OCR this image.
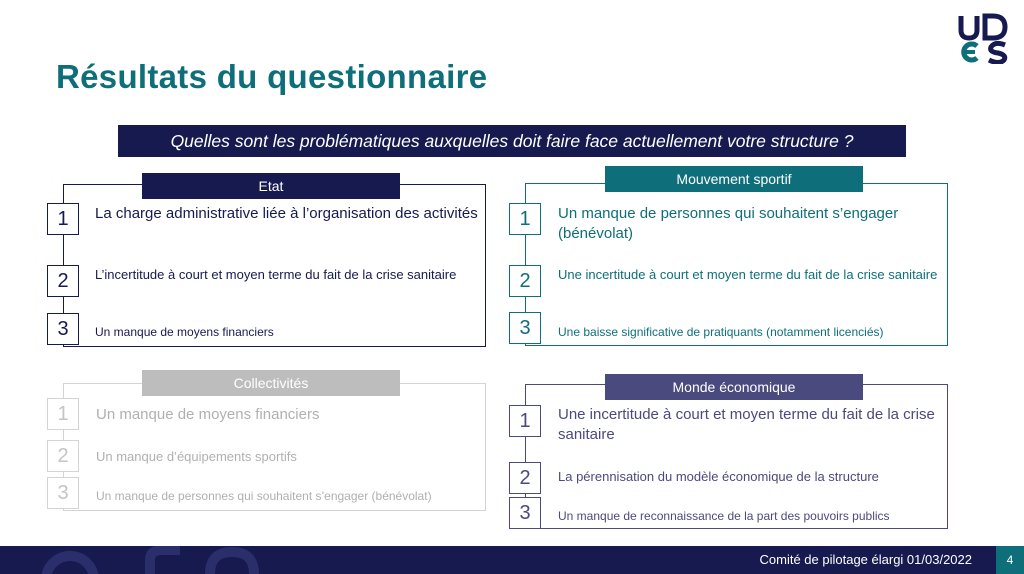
Résultats du questionnaire
Quelles sont les problématiques auxquelles doit faire face actuellement votre structure ?
Etat
1	La charge administrative liée à l’organisation des activités
2	L’incertitude à court et moyen terme du fait de la crise sanitaire
3	Un manque de moyens financiers
Mouvement sportif
1	Un manque de personnes qui souhaitent s’engager (bénévolat)
2	Une incertitude à court et moyen terme du fait de la crise sanitaire
3	Une baisse significative de pratiquants (notamment licenciés)
Collectivités
1	Un manque de moyens financiers
2	Un manque d’équipements sportifs
3	Un manque de personnes qui souhaitent s’engager (bénévolat)
Monde économique
1	Une incertitude à court et moyen terme du fait de la crise sanitaire
2	La pérennisation du modèle économique de la structure
3	Un manque de reconnaissance de la part des pouvoirs publics
Comité de pilotage élargi 01/03/2022	4
